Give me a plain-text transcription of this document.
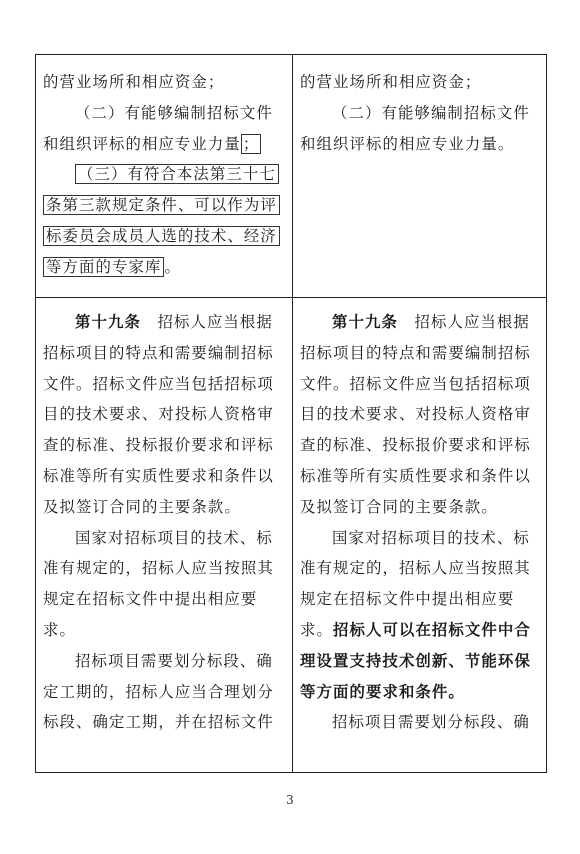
的营业场所和相应资金；
（二）有能够编制招标文件
和组织评标的相应专业力量 ；
（三）有符合本法第三十七
条第三款规定条件、可以作为评
标委员会成员人选的技术、经济
等方面的专家库 。
的营业场所和相应资金；
（二）有能够编制招标文件
和组织评标的相应专业力量。
第十九条　 招标人应当根据
招标项目的特点和需要编制招标
文件。招标文件应当包括招标项
目的技术要求、对投标人资格审
查的标准、投标报价要求和评标
标准等所有实质性要求和条件以
及拟签订合同的主要条款。
国家对招标项目的技术、标
准有规定的，招标人应当按照其
规定在招标文件中提出相应要
求。
招标项目需要划分标段、确
定工期的，招标人应当合理划分
标段、确定工期，并在招标文件
第十九条　 招标人应当根据
招标项目的特点和需要编制招标
文件。招标文件应当包括招标项
目的技术要求、对投标人资格审
查的标准、投标报价要求和评标
标准等所有实质性要求和条件以
及拟签订合同的主要条款。
国家对招标项目的技术、标
准有规定的，招标人应当按照其
规定在招标文件中提出相应要
求。招标人可以在招标文件中合
理设置支持技术创新、节能环保
等方面的要求和条件。
招标项目需要划分标段、确
3
